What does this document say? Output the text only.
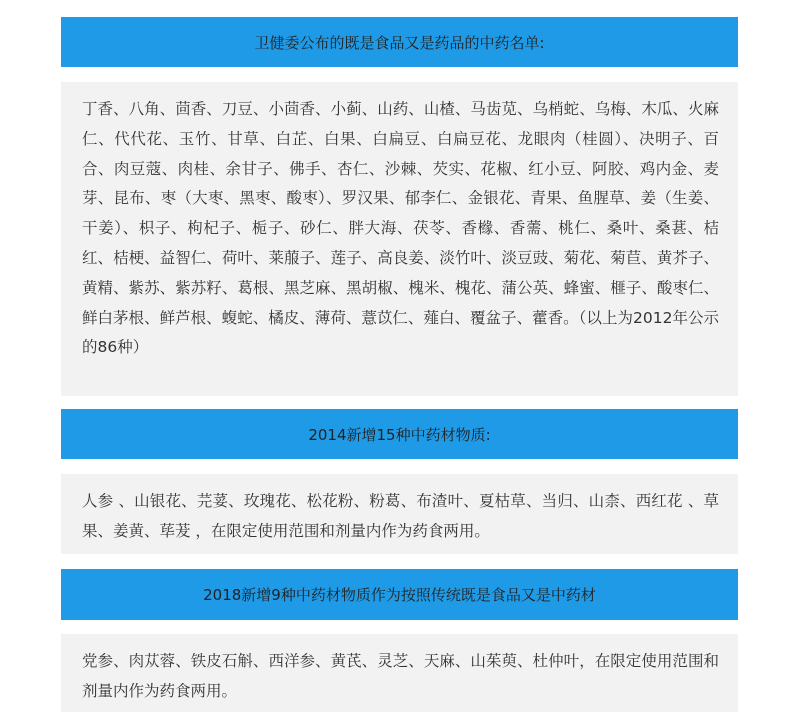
卫健委公布的既是食品又是药品的中药名单:
丁香、八角、茴香、刀豆、小茴香、小蓟、山药、山楂、马齿苋、乌梢蛇、乌梅、木瓜、火麻仁、代代花、玉竹、甘草、白芷、白果、白扁豆、白扁豆花、龙眼肉（桂圆）、决明子、百合、肉豆蔻、肉桂、余甘子、佛手、杏仁、沙棘、芡实、花椒、红小豆、阿胶、鸡内金、麦芽、昆布、枣（大枣、黑枣、酸枣）、罗汉果、郁李仁、金银花、青果、鱼腥草、姜（生姜、干姜）、枳子、枸杞子、栀子、砂仁、胖大海、茯苓、香橼、香薷、桃仁、桑叶、桑葚、桔红、桔梗、益智仁、荷叶、莱菔子、莲子、高良姜、淡竹叶、淡豆豉、菊花、菊苣、黄芥子、黄精、紫苏、紫苏籽、葛根、黑芝麻、黑胡椒、槐米、槐花、蒲公英、蜂蜜、榧子、酸枣仁、鲜白茅根、鲜芦根、蝮蛇、橘皮、薄荷、薏苡仁、薤白、覆盆子、藿香。（以上为2012年公示的86种）
2014新增15种中药材物质:
人参 、山银花、芫荽、玫瑰花、松花粉、粉葛、布渣叶、夏枯草、当归、山柰、西红花 、草果、姜黄、荜茇 ，在限定使用范围和剂量内作为药食两用。
2018新增9种中药材物质作为按照传统既是食品又是中药材
党参、肉苁蓉、铁皮石斛、西洋参、黄芪、灵芝、天麻、山茱萸、杜仲叶，在限定使用范围和剂量内作为药食两用。
